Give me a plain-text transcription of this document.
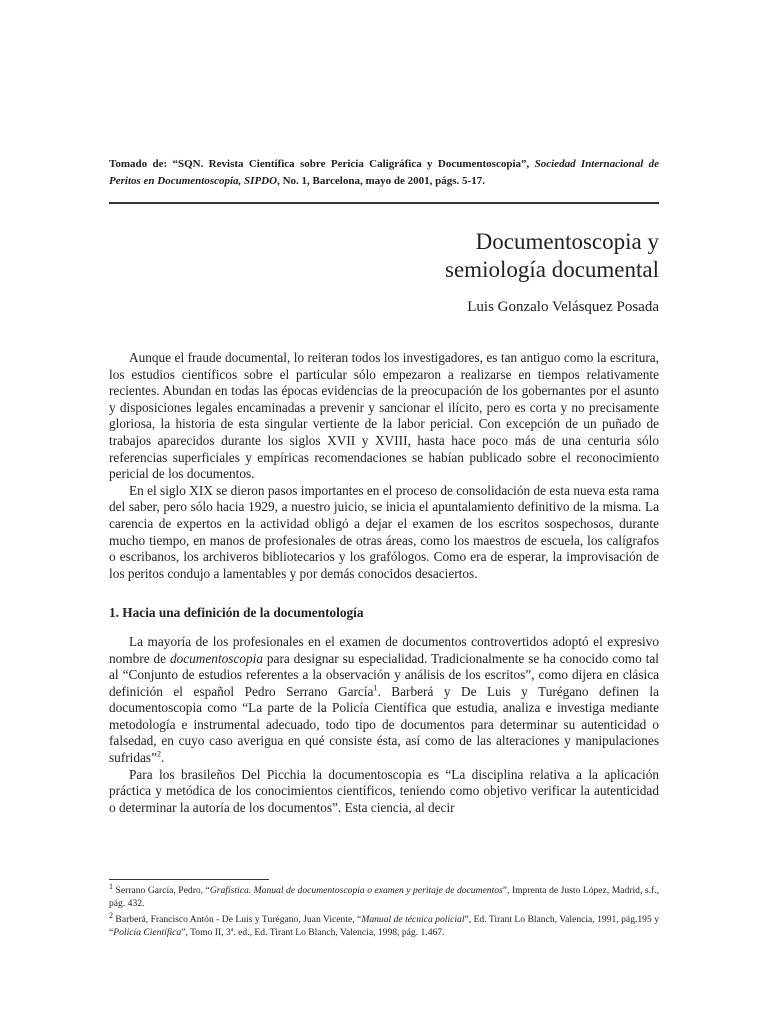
Tomado de: “SQN. Revista Científica sobre Pericia Caligráfica y Documentoscopia”, Sociedad Internacional de Peritos en Documentoscopia, SIPDO, No. 1, Barcelona, mayo de 2001, págs. 5-17.
Documentoscopia y
semiología documental
Luis Gonzalo Velásquez Posada

Aunque el fraude documental, lo reiteran todos los investigadores, es tan antiguo como la escritura, los estudios científicos sobre el particular sólo empezaron a realizarse en tiempos relativamente recientes. Abundan en todas las épocas evidencias de la preocupación de los gobernantes por el asunto y disposiciones legales encaminadas a prevenir y sancionar el ilícito, pero es corta y no precisamente gloriosa, la historia de esta singular vertiente de la labor pericial. Con excepción de un puñado de trabajos aparecidos durante los siglos XVII y XVIII, hasta hace poco más de una centuria sólo referencias superficiales y empíricas recomendaciones se habían publicado sobre el reconocimiento pericial de los documentos.

En el siglo XIX se dieron pasos importantes en el proceso de consolidación de esta nueva esta rama del saber, pero sólo hacia 1929, a nuestro juicio, se inicia el apuntalamiento definitivo de la misma. La carencia de expertos en la actividad obligó a dejar el examen de los escritos sospechosos, durante mucho tiempo, en manos de profesionales de otras áreas, como los maestros de escuela, los calígrafos o escribanos, los archiveros bibliotecarios y los grafólogos. Como era de esperar, la improvisación de los peritos condujo a lamentables y por demás conocidos desaciertos.

1. Hacia una definición de la documentología

La mayoría de los profesionales en el examen de documentos controvertidos adoptó el expresivo nombre de documentoscopia para designar su especialidad. Tradicionalmente se ha conocido como tal al “Conjunto de estudios referentes a la observación y análisis de los escritos”, como dijera en clásica definición el español Pedro Serrano García$^1$. Barberá y De Luis y Turégano definen la documentoscopia como “La parte de la Policía Científica que estudia, analiza e investiga mediante metodología e instrumental adecuado, todo tipo de documentos para determinar su autenticidad o falsedad, en cuyo caso averigua en qué consiste ésta, así como de las alteraciones y manipulaciones sufridas”$^2$.

Para los brasileños Del Picchia la documentoscopia es “La disciplina relativa a la aplicación práctica y metódica de los conocimientos científicos, teniendo como objetivo verificar la autenticidad o determinar la autoría de los documentos”. Esta ciencia, al decir

$^1$ Serrano García, Pedro, “Grafística. Manual de documentoscopia o examen y peritaje de documentos”, Imprenta de Justo López, Madrid, s.f., pág. 432.

$^2$ Barberá, Francisco Antón - De Luis y Turégano, Juan Vicente, “Manual de técnica policial”, Ed. Tirant Lo Blanch, Valencia, 1991, pág.195 y “Policía Científica”, Tomo II, 3ª. ed., Ed. Tirant Lo Blanch, Valencia, 1998, pág. 1.467.
